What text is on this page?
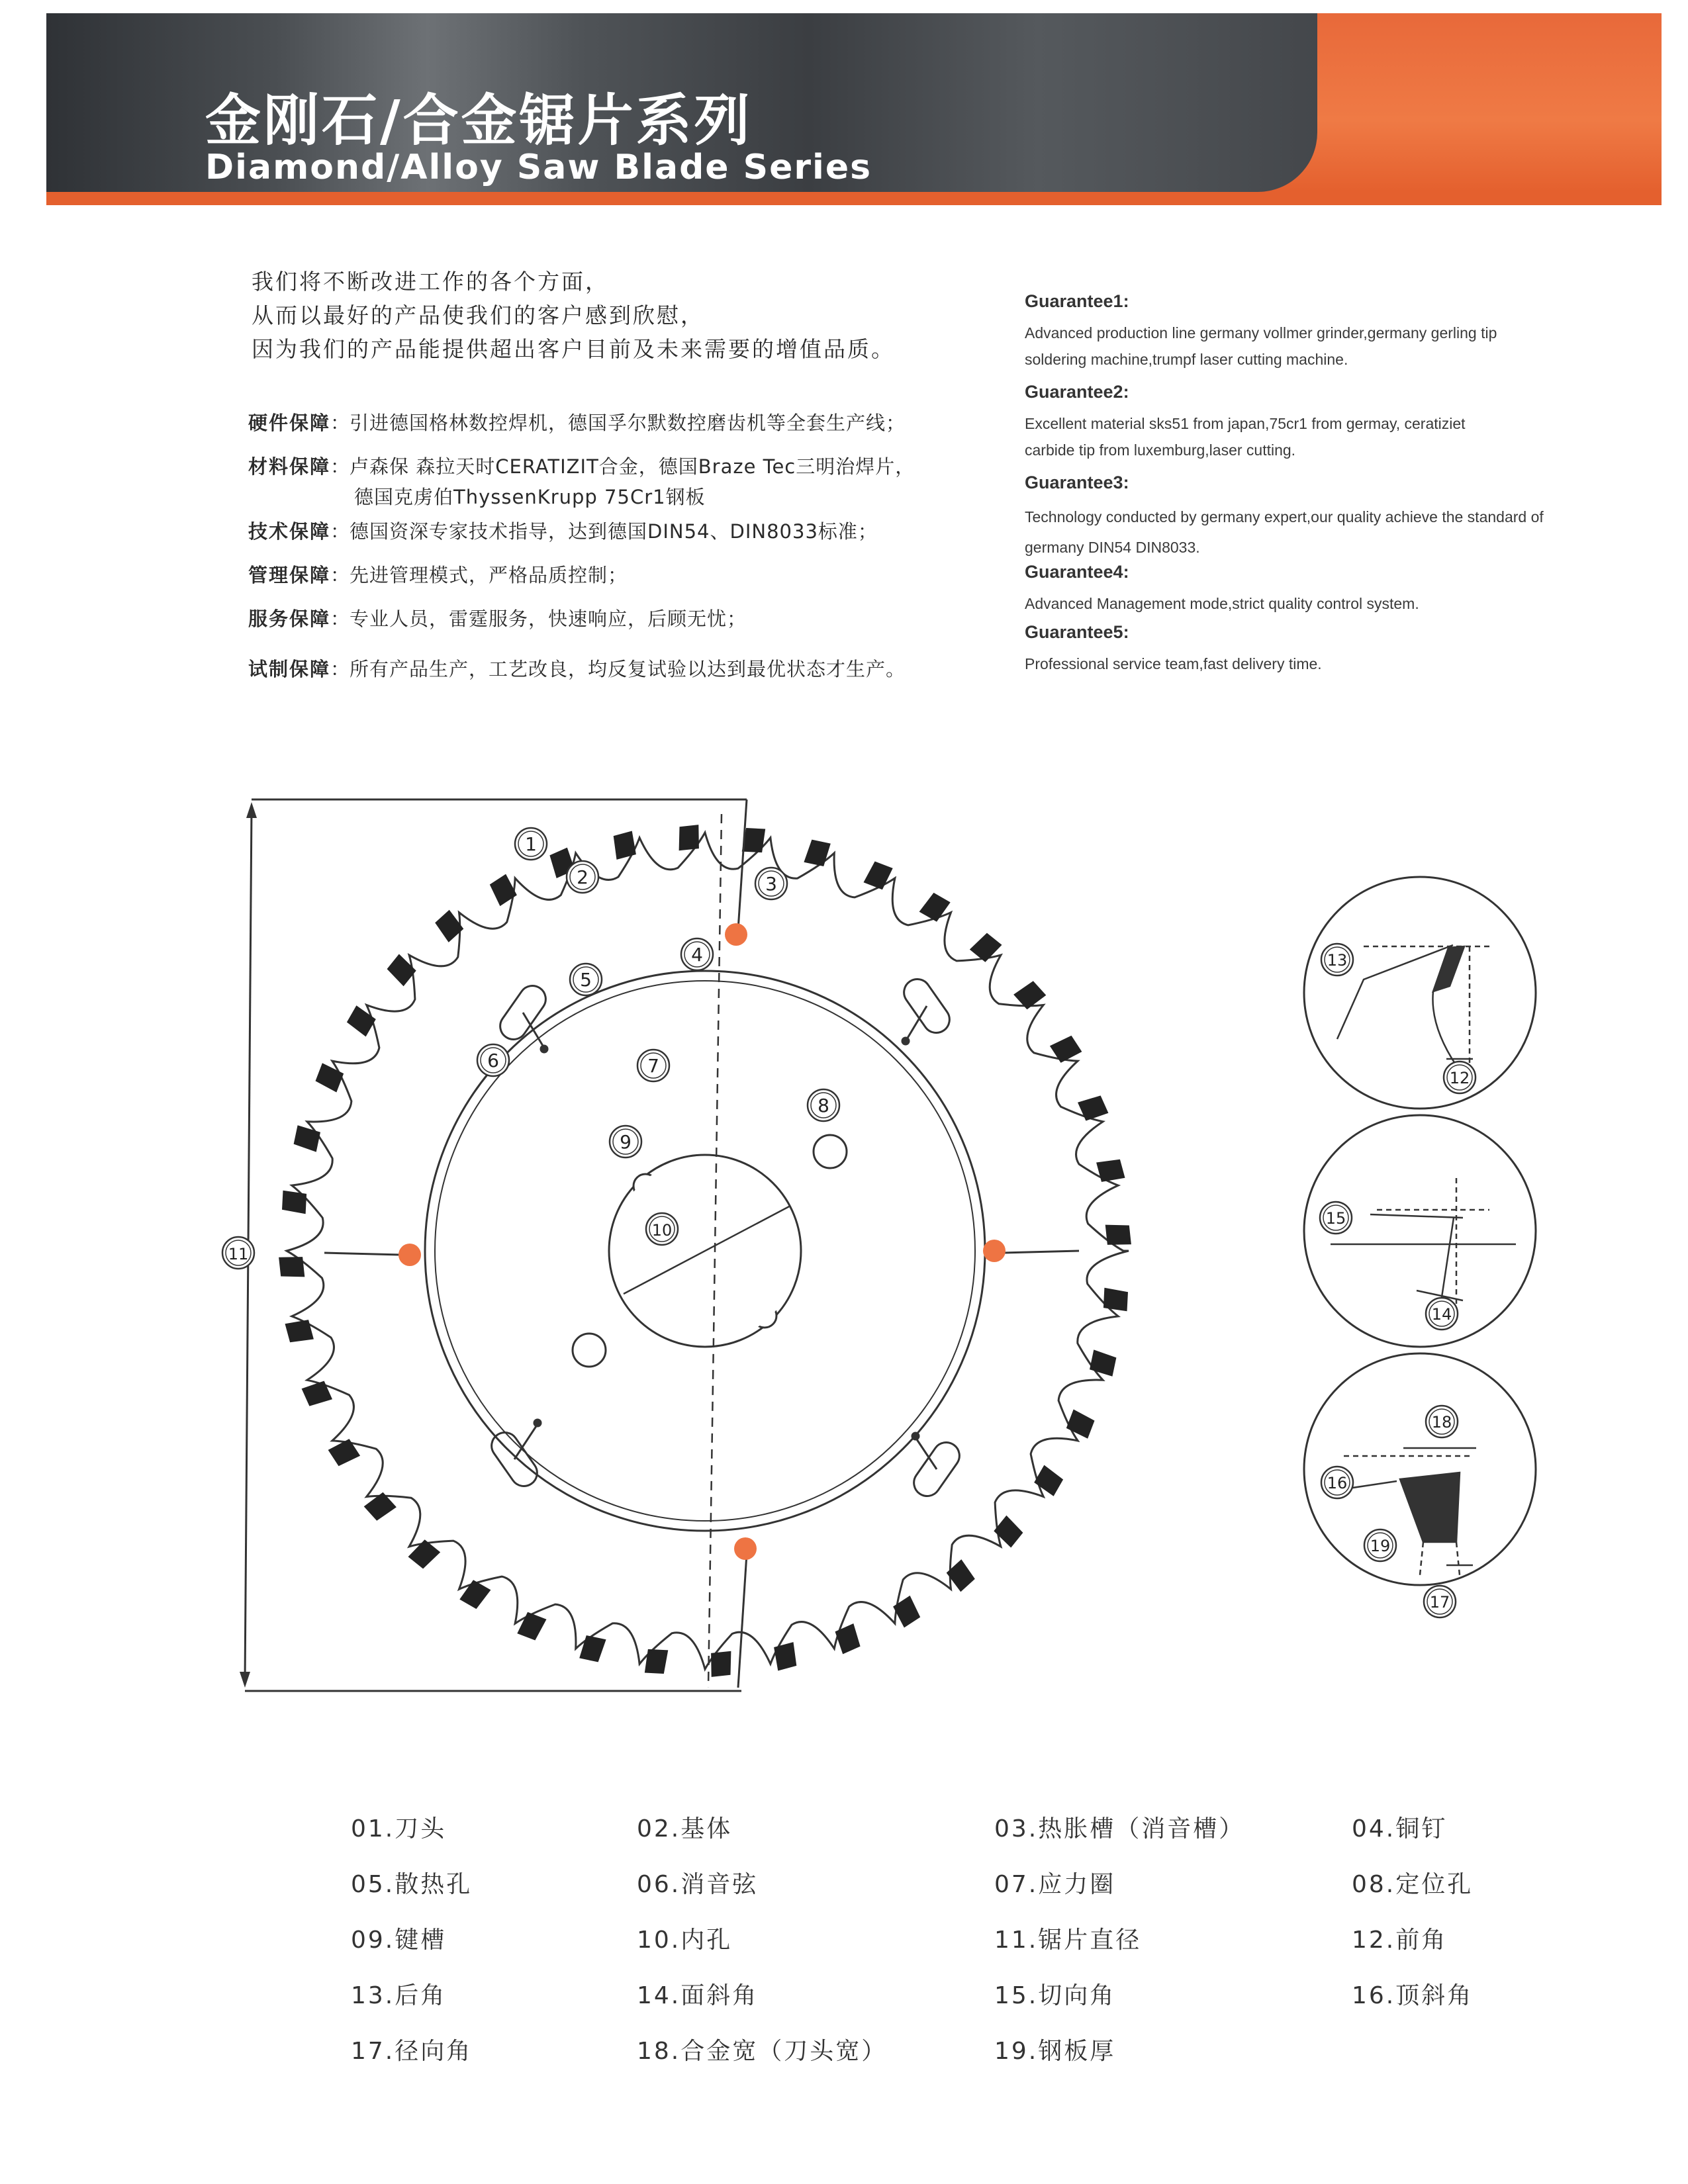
金刚石/合金锯片系列
Diamond/Alloy Saw Blade Series
我们将不断改进工作的各个方面，
从而以最好的产品使我们的客户感到欣慰，
因为我们的产品能提供超出客户目前及未来需要的增值品质。
硬件保障：引进德国格林数控焊机，德国孚尔默数控磨齿机等全套生产线；
材料保障：卢森保 森拉天时CERATIZIT合金，德国Braze Tec三明治焊片，
德国克虏伯ThyssenKrupp 75Cr1钢板
技术保障：德国资深专家技术指导，达到德国DIN54、DIN8033标准；
管理保障：先进管理模式，严格品质控制；
服务保障：专业人员，雷霆服务，快速响应，后顾无忧；
试制保障：所有产品生产，工艺改良，均反复试验以达到最优状态才生产。
Guarantee1:
Advanced production line germany vollmer grinder,germany gerling tip
soldering machine,trumpf laser cutting machine.
Guarantee2:
Excellent material sks51 from japan,75cr1 from germay, ceratiziet
carbide tip from luxemburg,laser cutting.
Guarantee3:
Technology conducted by germany expert,our quality achieve the standard of
germany DIN54 DIN8033.
Guarantee4:
Advanced Management mode,strict quality control system.
Guarantee5:
Professional service team,fast delivery time.
1
2	3
4
5
6	7
8
9
10
11
13
12
15
14
18
16
19
17
01.刀头	02.基体	03.热胀槽（消音槽）	04.铜钉
05.散热孔	06.消音弦	07.应力圈	08.定位孔
09.键槽	10.内孔	11.锯片直径	12.前角
13.后角	14.面斜角	15.切向角	16.顶斜角
17.径向角	18.合金宽（刀头宽）	19.钢板厚
